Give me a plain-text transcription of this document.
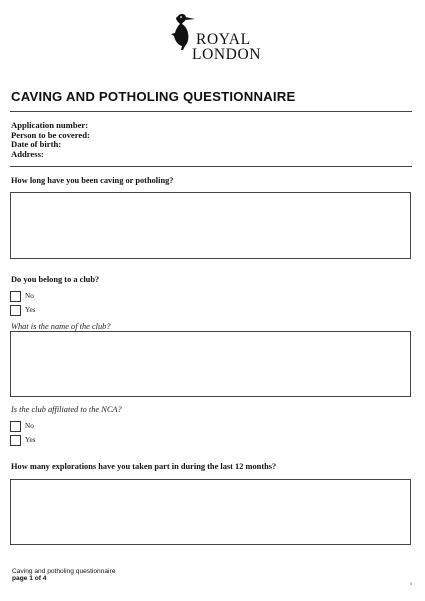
ROYAL
LONDON
CAVING AND POTHOLING QUESTIONNAIRE
Application number:
Person to be covered:
Date of birth:
Address:
How long have you been caving or potholing?
Do you belong to a club?
No
Yes
What is the name of the club?
Is the club affiliated to the NCA?
No
Yes
How many explorations have you taken part in during the last 12 months?
Caving and potholing questionnaire
page 1 of 4
6
